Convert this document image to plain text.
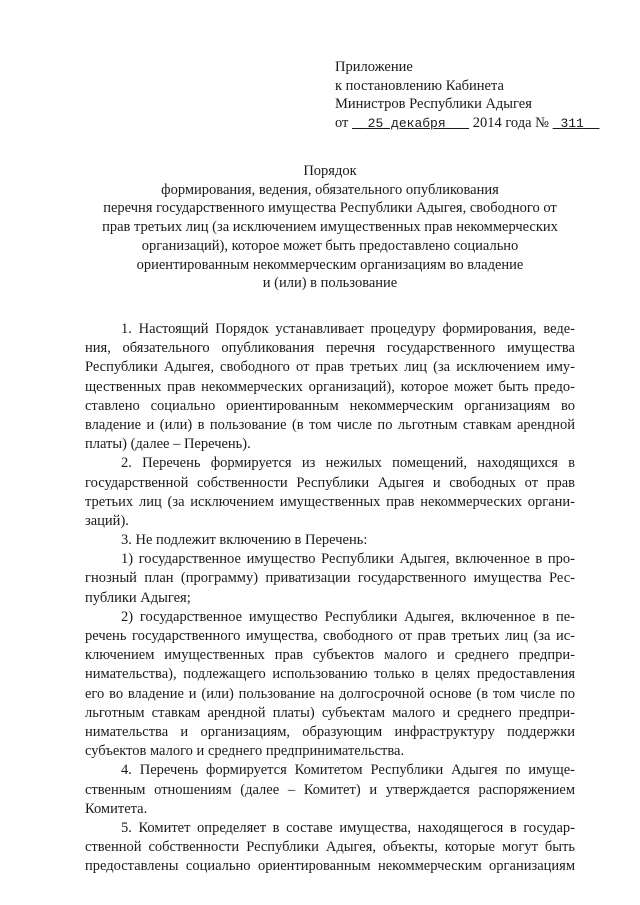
Приложение
к постановлению Кабинета
Министров Республики Адыгея
от 25 декабря 2014 года № 311
Порядок
формирования, ведения, обязательного опубликования
перечня государственного имущества Республики Адыгея, свободного от
прав третьих лиц (за исключением имущественных прав некоммерческих
организаций), которое может быть предоставлено социально
ориентированным некоммерческим организациям во владение
и (или) в пользование
1. Настоящий Порядок устанавливает процедуру формирования, веде-
ния, обязательного опубликования перечня государственного имущества
Республики Адыгея, свободного от прав третьих лиц (за исключением иму-
щественных прав некоммерческих организаций), которое может быть предо-
ставлено социально ориентированным некоммерческим организациям во
владение и (или) в пользование (в том числе по льготным ставкам арендной
платы) (далее – Перечень).
2. Перечень формируется из нежилых помещений, находящихся в
государственной собственности Республики Адыгея и свободных от прав
третьих лиц (за исключением имущественных прав некоммерческих органи-
заций).
3. Не подлежит включению в Перечень:
1) государственное имущество Республики Адыгея, включенное в про-
гнозный план (программу) приватизации государственного имущества Рес-
публики Адыгея;
2) государственное имущество Республики Адыгея, включенное в пе-
речень государственного имущества, свободного от прав третьих лиц (за ис-
ключением имущественных прав субъектов малого и среднего предпри-
нимательства), подлежащего использованию только в целях предоставления
его во владение и (или) пользование на долгосрочной основе (в том числе по
льготным ставкам арендной платы) субъектам малого и среднего предпри-
нимательства и организациям, образующим инфраструктуру поддержки
субъектов малого и среднего предпринимательства.
4. Перечень формируется Комитетом Республики Адыгея по имуще-
ственным отношениям (далее – Комитет) и утверждается распоряжением
Комитета.
5. Комитет определяет в составе имущества, находящегося в государ-
ственной собственности Республики Адыгея, объекты, которые могут быть
предоставлены социально ориентированным некоммерческим организациям
